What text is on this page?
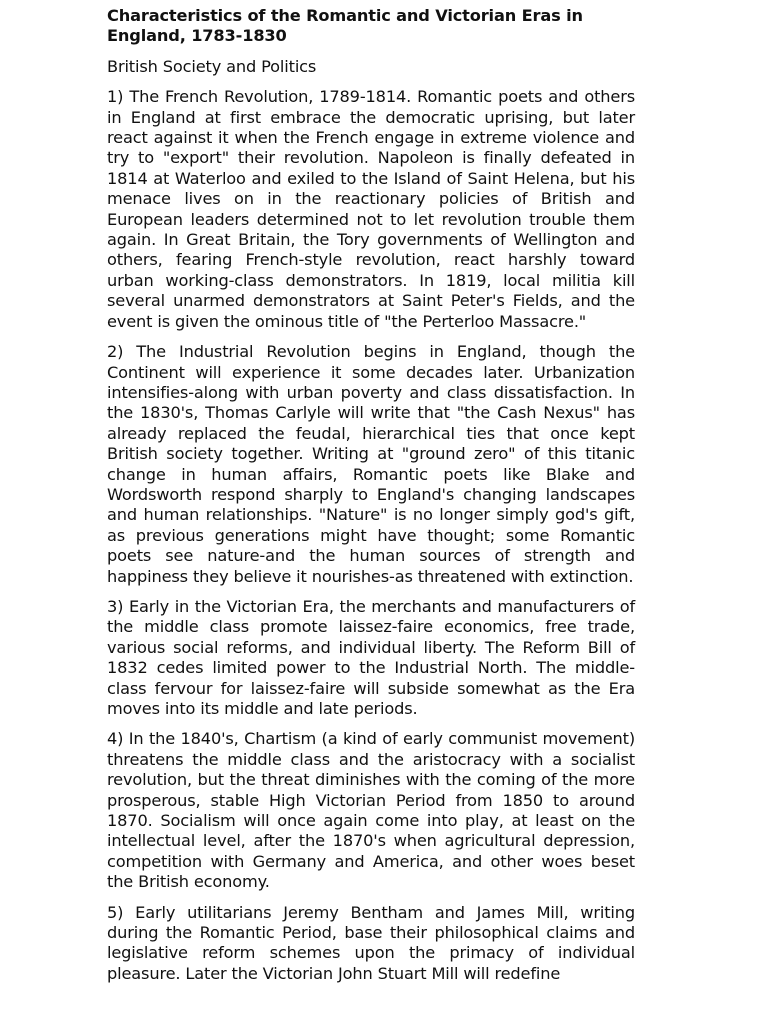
Characteristics of the Romantic and Victorian Eras in England, 1783-1830
British Society and Politics

1) The French Revolution, 1789-1814. Romantic poets and others in England at first embrace the democratic uprising, but later react against it when the French engage in extreme violence and try to "export" their revolution. Napoleon is finally defeated in 1814 at Waterloo and exiled to the Island of Saint Helena, but his menace lives on in the reactionary policies of British and European leaders determined not to let revolution trouble them again. In Great Britain, the Tory governments of Wellington and others, fearing French-style revolution, react harshly toward urban working-class demonstrators. In 1819, local militia kill several unarmed demonstrators at Saint Peter's Fields, and the event is given the ominous title of "the Perterloo Massacre."

2) The Industrial Revolution begins in England, though the Continent will experience it some decades later. Urbanization intensifies-along with urban poverty and class dissatisfaction. In the 1830's, Thomas Carlyle will write that "the Cash Nexus" has already replaced the feudal, hierarchical ties that once kept British society together. Writing at "ground zero" of this titanic change in human affairs, Romantic poets like Blake and Wordsworth respond sharply to England's changing landscapes and human relationships. "Nature" is no longer simply god's gift, as previous generations might have thought; some Romantic poets see nature-and the human sources of strength and happiness they believe it nourishes-as threatened with extinction.

3) Early in the Victorian Era, the merchants and manufacturers of the middle class promote laissez-faire economics, free trade, various social reforms, and individual liberty. The Reform Bill of 1832 cedes limited power to the Industrial North. The middle-class fervour for laissez-faire will subside somewhat as the Era moves into its middle and late periods.

4) In the 1840's, Chartism (a kind of early communist movement) threatens the middle class and the aristocracy with a socialist revolution, but the threat diminishes with the coming of the more prosperous, stable High Victorian Period from 1850 to around 1870. Socialism will once again come into play, at least on the intellectual level, after the 1870's when agricultural depression, competition with Germany and America, and other woes beset the British economy.

5) Early utilitarians Jeremy Bentham and James Mill, writing during the Romantic Period, base their philosophical claims and legislative reform schemes upon the primacy of individual pleasure. Later the Victorian John Stuart Mill will redefine
